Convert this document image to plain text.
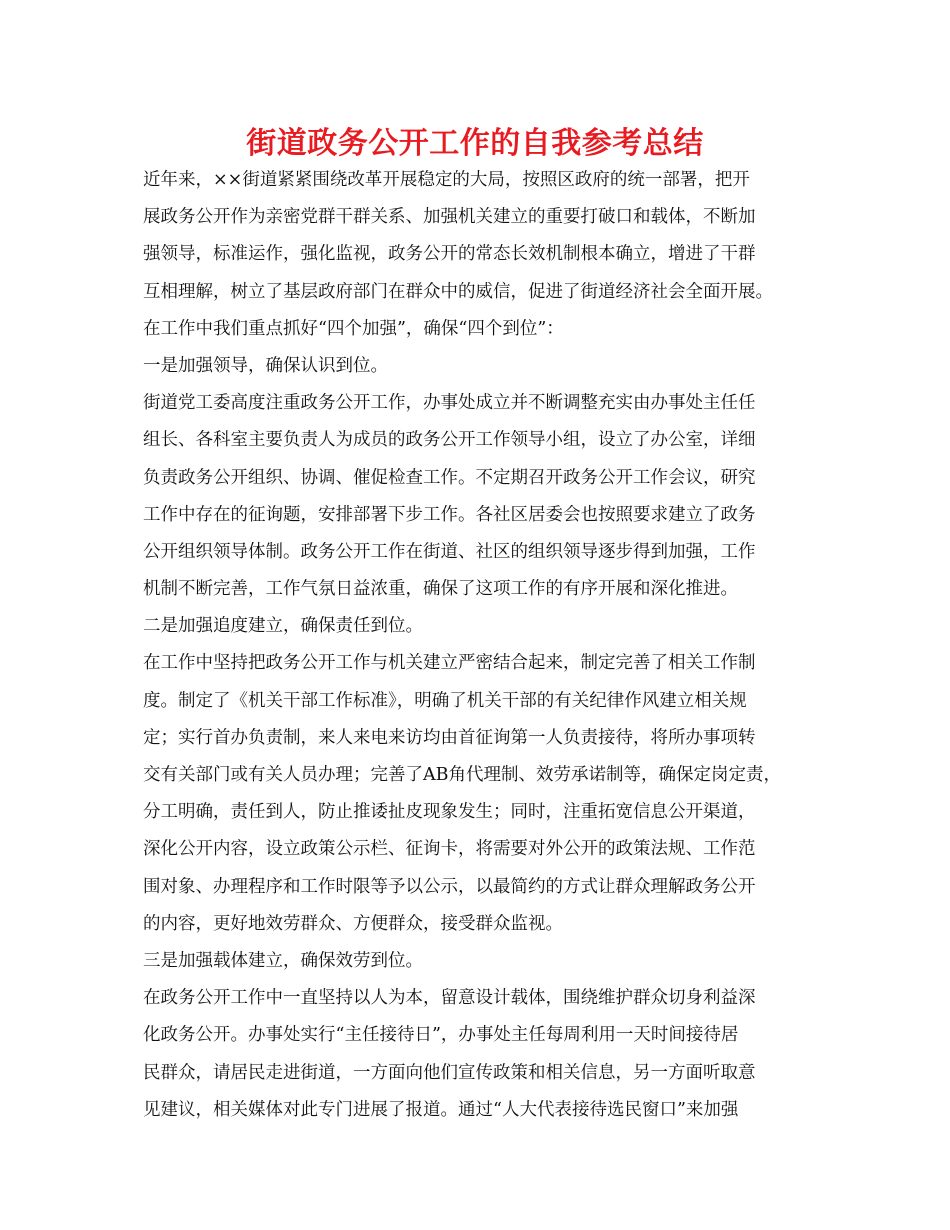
街道政务公开工作的自我参考总结

近年来，××街道紧紧围绕改革开展稳定的大局，按照区政府的统一部署，把开

展政务公开作为亲密党群干群关系、加强机关建立的重要打破口和载体，不断加

强领导，标准运作，强化监视，政务公开的常态长效机制根本确立，增进了干群

互相理解，树立了基层政府部门在群众中的威信，促进了街道经济社会全面开展。

在工作中我们重点抓好“四个加强”，确保“四个到位”：

一是加强领导，确保认识到位。

街道党工委高度注重政务公开工作，办事处成立并不断调整充实由办事处主任任

组长、各科室主要负责人为成员的政务公开工作领导小组，设立了办公室，详细

负责政务公开组织、协调、催促检查工作。不定期召开政务公开工作会议，研究

工作中存在的征询题，安排部署下步工作。各社区居委会也按照要求建立了政务

公开组织领导体制。政务公开工作在街道、社区的组织领导逐步得到加强，工作

机制不断完善，工作气氛日益浓重，确保了这项工作的有序开展和深化推进。

二是加强追度建立，确保责任到位。

在工作中坚持把政务公开工作与机关建立严密结合起来，制定完善了相关工作制

度。制定了《机关干部工作标准》，明确了机关干部的有关纪律作风建立相关规

定；实行首办负责制，来人来电来访均由首征询第一人负责接待，将所办事项转

交有关部门或有关人员办理；完善了AB角代理制、效劳承诺制等，确保定岗定责，

分工明确，责任到人，防止推诿扯皮现象发生；同时，注重拓宽信息公开渠道，

深化公开内容，设立政策公示栏、征询卡，将需要对外公开的政策法规、工作范

围对象、办理程序和工作时限等予以公示，以最简约的方式让群众理解政务公开

的内容，更好地效劳群众、方便群众，接受群众监视。

三是加强载体建立，确保效劳到位。

在政务公开工作中一直坚持以人为本，留意设计载体，围绕维护群众切身利益深

化政务公开。办事处实行“主任接待日”，办事处主任每周利用一天时间接待居

民群众，请居民走进街道，一方面向他们宣传政策和相关信息，另一方面听取意

见建议，相关媒体对此专门进展了报道。通过“人大代表接待选民窗口”来加强
